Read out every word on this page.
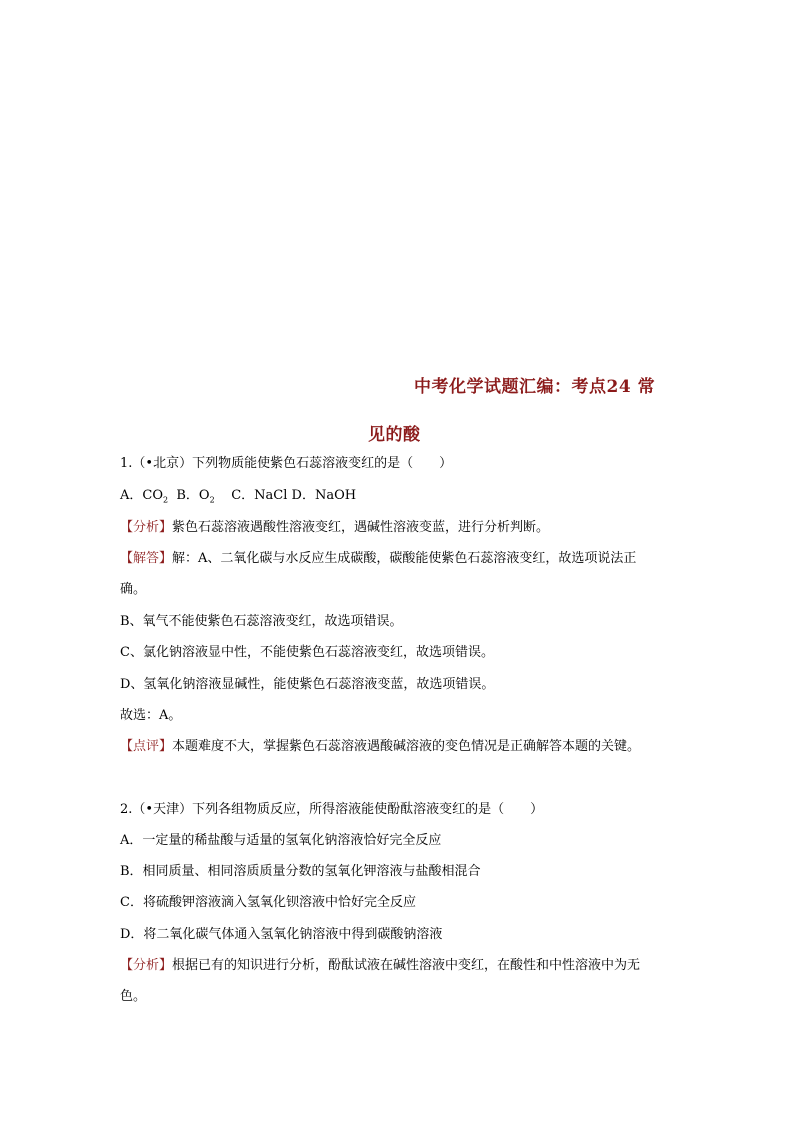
中考化学试题汇编：考点24 常
见的酸
1.（•北京）下列物质能使紫色石蕊溶液变红的是（　　）
A．$CO_2$ B．$O_2$ C．NaCl D．NaOH
【分析】紫色石蕊溶液遇酸性溶液变红，遇碱性溶液变蓝，进行分析判断。
【解答】解：A、二氧化碳与水反应生成碳酸，碳酸能使紫色石蕊溶液变红，故选项说法正
确。
B、氧气不能使紫色石蕊溶液变红，故选项错误。
C、氯化钠溶液显中性，不能使紫色石蕊溶液变红，故选项错误。
D、氢氧化钠溶液显碱性，能使紫色石蕊溶液变蓝，故选项错误。
故选：A。
【点评】本题难度不大，掌握紫色石蕊溶液遇酸碱溶液的变色情况是正确解答本题的关键。
2.（•天津）下列各组物质反应，所得溶液能使酚酞溶液变红的是（　　）
A．一定量的稀盐酸与适量的氢氧化钠溶液恰好完全反应
B．相同质量、相同溶质质量分数的氢氧化钾溶液与盐酸相混合
C．将硫酸钾溶液滴入氢氧化钡溶液中恰好完全反应
D．将二氧化碳气体通入氢氧化钠溶液中得到碳酸钠溶液
【分析】根据已有的知识进行分析，酚酞试液在碱性溶液中变红，在酸性和中性溶液中为无
色。
